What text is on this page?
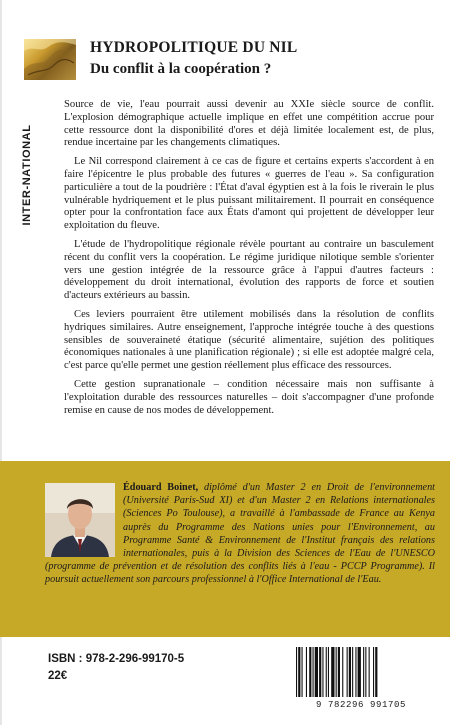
HYDROPOLITIQUE DU NIL
Du conflit à la coopération ?
INTER-NATIONAL

Source de vie, l'eau pourrait aussi devenir au XXIe siècle source de conflit. L'explosion démographique actuelle implique en effet une compétition accrue pour cette ressource dont la disponibilité d'ores et déjà limitée localement est, de plus, rendue incertaine par les changements climatiques.

Le Nil correspond clairement à ce cas de figure et certains experts s'accordent à en faire l'épicentre le plus probable des futures « guerres de l'eau ». Sa configuration particulière a tout de la poudrière : l'État d'aval égyptien est à la fois le riverain le plus vulnérable hydriquement et le plus puissant militairement. Il pourrait en conséquence opter pour la confrontation face aux États d'amont qui projettent de développer leur exploitation du fleuve.

L'étude de l'hydropolitique régionale révèle pourtant au contraire un basculement récent du conflit vers la coopération. Le régime juridique nilotique semble s'orienter vers une gestion intégrée de la ressource grâce à l'appui d'autres facteurs : développement du droit international, évolution des rapports de force et soutien d'acteurs extérieurs au bassin.

Ces leviers pourraient être utilement mobilisés dans la résolution de conflits hydriques similaires. Autre enseignement, l'approche intégrée touche à des questions sensibles de souveraineté étatique (sécurité alimentaire, sujétion des politiques économiques nationales à une planification régionale) ; si elle est adoptée malgré cela, c'est parce qu'elle permet une gestion réellement plus efficace des ressources.

Cette gestion supranationale – condition nécessaire mais non suffisante à l'exploitation durable des ressources naturelles – doit s'accompagner d'une profonde remise en cause de nos modes de développement.

Édouard Boinet, diplômé d'un Master 2 en Droit de l'environnement (Université Paris-Sud XI) et d'un Master 2 en Relations internationales (Sciences Po Toulouse), a travaillé à l'ambassade de France au Kenya auprès du Programme des Nations unies pour l'Environnement, au Programme Santé & Environnement de l'Institut français des relations internationales, puis à la Division des Sciences de l'Eau de l'UNESCO (programme de prévention et de résolution des conflits liés à l'eau - PCCP Programme). Il poursuit actuellement son parcours professionnel à l'Office International de l'Eau.

ISBN : 978-2-296-99170-5

22€

9 782296 991705
